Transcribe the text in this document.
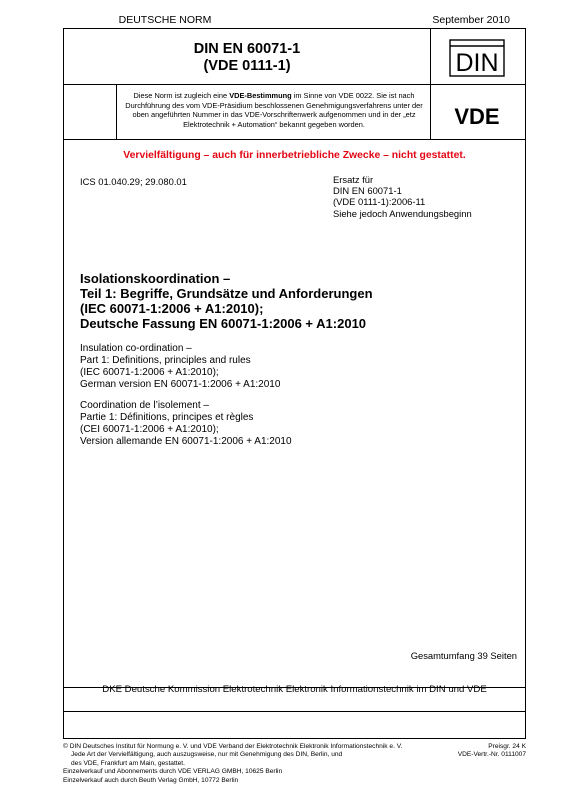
DEUTSCHE NORM	September 2010
DIN EN 60071-1
(VDE 0111-1)	DIN
VDE
Diese Norm ist zugleich eine VDE-Bestimmung im Sinne von VDE 0022. Sie ist nach Durchführung des vom VDE-Präsidium beschlossenen Genehmigungsverfahrens unter der oben angeführten Nummer in das VDE-Vorschriftenwerk aufgenommen und in der „etz Elektrotechnik + Automation“ bekannt gegeben worden.
Vervielfältigung – auch für innerbetriebliche Zwecke – nicht gestattet.
ICS 01.040.29; 29.080.01	Ersatz für
DIN EN 60071-1
(VDE 0111-1):2006-11
Siehe jedoch Anwendungsbeginn
Isolationskoordination –
Teil 1: Begriffe, Grundsätze und Anforderungen
(IEC 60071-1:2006 + A1:2010);
Deutsche Fassung EN 60071-1:2006 + A1:2010
Insulation co-ordination –
Part 1: Definitions, principles and rules
(IEC 60071-1:2006 + A1:2010);
German version EN 60071-1:2006 + A1:2010
Coordination de l’isolement –
Partie 1: Définitions, principes et règles
(CEI 60071-1:2006 + A1:2010);
Version allemande EN 60071-1:2006 + A1:2010
Gesamtumfang 39 Seiten
DKE Deutsche Kommission Elektrotechnik Elektronik Informationstechnik im DIN und VDE
© DIN Deutsches Institut für Normung e. V. und VDE Verband der Elektrotechnik Elektronik Informationstechnik e. V.
Jede Art der Vervielfältigung, auch auszugsweise, nur mit Genehmigung des DIN, Berlin, und
des VDE, Frankfurt am Main, gestattet.
Einzelverkauf und Abonnements durch VDE VERLAG GMBH, 10625 Berlin
Einzelverkauf auch durch Beuth Verlag GmbH, 10772 Berlin
Preisgr. 24 K
VDE-Vertr.-Nr. 0111007
